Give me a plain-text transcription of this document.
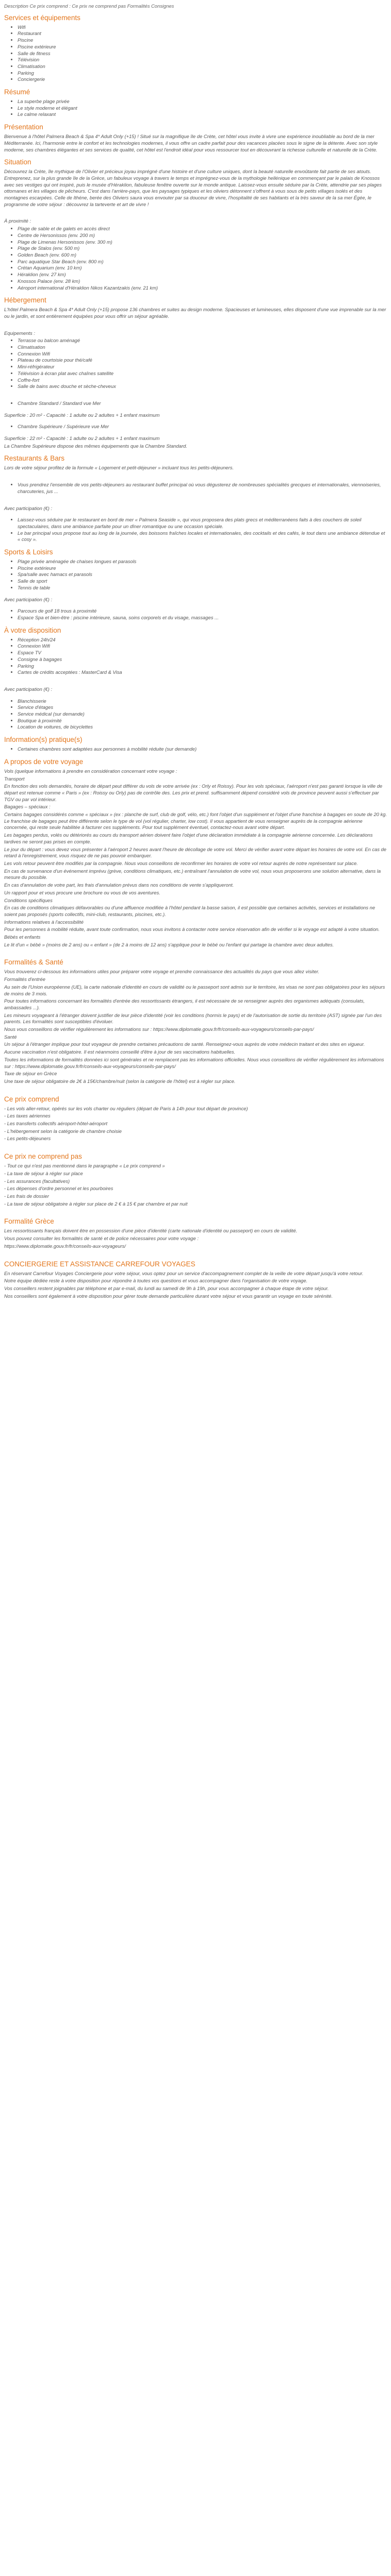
Description Ce prix comprend : Ce prix ne comprend pas Formalités Consignes

Services et équipements
• Wifi
• Restaurant
• Piscine
• Piscine extérieure
• Salle de fitness
• Télévision
• Climatisation
• Parking
• Conciergerie
Résumé
• La superbe plage privée
• Le style moderne et élégant
• Le calme relaxant
Présentation

Bienvenue à l'hôtel Palmera Beach & Spa 4* Adult Only (+15) ! Situé sur la magnifique île de Crète, cet hôtel vous invite à vivre une expérience inoubliable au bord de la mer Méditerranée. Ici, l'harmonie entre le confort et les technologies modernes, il vous offre un cadre parfait pour des vacances placées sous le signe de la détente. Avec son style moderne, ses chambres élégantes et ses services de qualité, cet hôtel est l'endroit idéal pour vous ressourcer tout en découvrant la richesse culturelle et naturelle de la Crète.

Situation

Découvrez la Crète, île mythique de l'Olivier et précieux joyau imprégné d'une histoire et d'une culture uniques, dont la beauté naturelle envoûtante fait partie de ses atouts. Entreprenez, sur la plus grande île de la Grèce, un fabuleux voyage à travers le temps et imprégnez-vous de la mythologie hellénique en commençant par le palais de Knossos avec ses vestiges qui ont inspiré, puis le musée d'Héraklion, fabuleuse fenêtre ouverte sur le monde antique. Laissez-vous ensuite séduire par la Crète, attendrie par ses plages ottomanes et les villages de pêcheurs. C'est dans l'arrière-pays, que les paysages typiques et les oliviers détonnent s'offrent à vous sous de petits villages isolés et des montagnes escarpées. Celle de Ithéne, berée des Oliviers saura vous envouter par sa douceur de vivre, l'hospitalité de ses habitants et la très saveur de la sa mer Égée, le programme de votre séjour : découvrez la tarteverte et art de vivre !

À proximité :

• Plage de sable et de galets en accès direct
• Centre de Hersonissos (env. 200 m)
• Plage de Limenas Hersonissos (env. 300 m)
• Plage de Stalos (env. 500 m)
• Golden Beach (env. 600 m)
• Parc aquatique Star Beach (env. 800 m)
• Crétan Aquarium (env. 10 km)
• Héraklion (env. 27 km)
• Knossos Palace (env. 28 km)
• Aéroport international d'Héraklion Nikos Kazantzakis (env. 21 km)
Hébergement

L'hôtel Palmera Beach & Spa 4* Adult Only (+15) propose 136 chambres et suites au design moderne. Spacieuses et lumineuses, elles disposent d'une vue imprenable sur la mer ou le jardin, et sont entièrement équipées pour vous offrir un séjour agréable.

Equipements :

• Terrasse ou balcon aménagé
• Climatisation
• Connexion Wifi
• Plateau de courtoisie pour thé/café
• Mini-réfrigérateur
• Télévision à écran plat avec chaînes satellite
• Coffre-fort
• Salle de bains avec douche et sèche-cheveux
• Chambre Standard / Standard vue Mer

Superficie : 20 m² - Capacité : 1 adulte ou 2 adultes + 1 enfant maximum

• Chambre Supérieure / Supérieure vue Mer

Superficie : 22 m² - Capacité : 1 adulte ou 2 adultes + 1 enfant maximum

La Chambre Supérieure dispose des mêmes équipements que la Chambre Standard.

Restaurants & Bars

Lors de votre séjour profitez de la formule « Logement et petit-déjeuner » incluant tous les petits-déjeuners.

• Vous prendrez l'ensemble de vos petits-déjeuners au restaurant buffet principal où vous dégusterez de nombreuses spécialités grecques et internationales, viennoiseries, charcuteries, jus ...

Avec participation (€) :

• Laissez-vous séduire par le restaurant en bord de mer « Palmera Seaside », qui vous proposera des plats grecs et méditerranéens faits à des couchers de soleil spectaculaires, dans une ambiance parfaite pour un dîner romantique ou une occasion spéciale.
• Le bar principal vous propose tout au long de la journée, des boissons fraîches locales et internationales, des cocktails et des cafés, le tout dans une ambiance détendue et « cosy ».
Sports & Loisirs
• Plage privée aménagée de chaises longues et parasols
• Piscine extérieure
• Spa/salle avec hamacs et parasols
• Salle de sport
• Tennis de table

Avec participation (€) :

• Parcours de golf 18 trous à proximité
• Espace Spa et bien-être : piscine intérieure, sauna, soins corporels et du visage, massages ...
À votre disposition
• Réception 24h/24
• Connexion Wifi
• Espace TV
• Consigne à bagages
• Parking
• Cartes de crédits acceptées : MasterCard & Visa

Avec participation (€) :

• Blanchisserie
• Service d'étages
• Service médical (sur demande)
• Boutique à proximité
• Location de voitures, de bicyclettes
Information(s) pratique(s)
• Certaines chambres sont adaptées aux personnes à mobilité réduite (sur demande)
A propos de votre voyage

Vols (quelque informations à prendre en considération concernant votre voyage :

Transport

En fonction des vols demandés, horaire de départ peut différer du vols de votre arrivée (ex : Orly et Roissy). Pour les vols spéciaux, l'aéroport n'est pas garanti lorsque la ville de départ est retenue comme « Paris » (ex : Roissy ou Orly) pas de contrôle des. Les prix et prend. suffisamment dépend considéré vols de province peuvent aussi s'effectuer par TGV ou par vol intérieur.

Bagages – spéciaux :

Certains bagages considérés comme « spéciaux » (ex : planche de surf, club de golf, vélo, etc.) font l'objet d'un supplément et l'objet d'une franchise à bagages en soute de 20 kg. Le franchise de bagages peut être différente selon le type de vol (vol régulier, charter, low cost). Il vous appartient de vous renseigner auprès de la compagnie aérienne concernée, qui reste seule habilitée à facturer ces suppléments. Pour tout supplément éventuel, contactez-nous avant votre départ.

Les bagages perdus, volés ou détériorés au cours du transport aérien doivent faire l'objet d'une déclaration immédiate à la compagnie aérienne concernée. Les déclarations tardives ne seront pas prises en compte.

Le jour du départ : vous devez vous présenter à l'aéroport 2 heures avant l'heure de décollage de votre vol. Merci de vérifier avant votre départ les horaires de votre vol. En cas de retard à l'enregistrement, vous risquez de ne pas pouvoir embarquer.

Les vols retour peuvent être modifiés par la compagnie. Nous vous conseillons de reconfirmer les horaires de votre vol retour auprès de notre représentant sur place.

En cas de survenance d'un événement imprévu (grève, conditions climatiques, etc.) entraînant l'annulation de votre vol, nous vous proposerons une solution alternative, dans la mesure du possible.

En cas d'annulation de votre part, les frais d'annulation prévus dans nos conditions de vente s'appliqueront.

Un rapport pour et vous procure une brochure ou vous de vos aventures.

Conditions spécifiques

En cas de conditions climatiques défavorables ou d'une affluence modifiée à l'hôtel pendant la basse saison, il est possible que certaines activités, services et installations ne soient pas proposés (sports collectifs, mini-club, restaurants, piscines, etc.).

Informations relatives à l'accessibilité

Pour les personnes à mobilité réduite, avant toute confirmation, nous vous invitons à contacter notre service réservation afin de vérifier si le voyage est adapté à votre situation.

Bébés et enfants

Le lit d'un « bébé » (moins de 2 ans) ou « enfant » (de 2 à moins de 12 ans) s'applique pour le bébé ou l'enfant qui partage la chambre avec deux adultes.

Formalités & Santé

Vous trouverez ci-dessous les informations utiles pour préparer votre voyage et prendre connaissance des actualités du pays que vous allez visiter.

Formalités d'entrée

Au sein de l'Union européenne (UE), la carte nationale d'identité en cours de validité ou le passeport sont admis sur le territoire, les visas ne sont pas obligatoires pour les séjours de moins de 3 mois.

Pour toutes informations concernant les formalités d'entrée des ressortissants étrangers, il est nécessaire de se renseigner auprès des organismes adéquats (consulats, ambassades ...).

Les mineurs voyageant à l'étranger doivent justifier de leur pièce d'identité (voir les conditions (hormis le pays) et de l'autorisation de sortie du territoire (AST) signée par l'un des parents. Les formalités sont susceptibles d'évoluer.

Nous vous conseillons de vérifier régulièrement les informations sur : https://www.diplomatie.gouv.fr/fr/conseils-aux-voyageurs/conseils-par-pays/

Santé

Un séjour à l'étranger implique pour tout voyageur de prendre certaines précautions de santé. Renseignez-vous auprès de votre médecin traitant et des sites en vigueur.

Aucune vaccination n'est obligatoire. Il est néanmoins conseillé d'être à jour de ses vaccinations habituelles.

Toutes les informations de formalités données ici sont générales et ne remplacent pas les informations officielles. Nous vous conseillons de vérifier régulièrement les informations sur : https://www.diplomatie.gouv.fr/fr/conseils-aux-voyageurs/conseils-par-pays/

Taxe de séjour en Grèce

Une taxe de séjour obligatoire de 2€ à 15€/chambre/nuit (selon la catégorie de l'hôtel) est à régler sur place.

Ce prix comprend

- Les vols aller-retour, opérés sur les vols charter ou réguliers (départ de Paris à 14h pour tout départ de province)

- Les taxes aériennes

- Les transferts collectifs aéroport-hôtel-aéroport

- L'hébergement selon la catégorie de chambre choisie

- Les petits-déjeuners

Ce prix ne comprend pas

- Tout ce qui n'est pas mentionné dans le paragraphe « Le prix comprend »

- La taxe de séjour à régler sur place

- Les assurances (facultatives)

- Les dépenses d'ordre personnel et les pourboires

- Les frais de dossier

- La taxe de séjour obligatoire à régler sur place de 2 € à 15 € par chambre et par nuit

Formalité Grèce

Les ressortissants français doivent être en possession d'une pièce d'identité (carte nationale d'identité ou passeport) en cours de validité.

Vous pouvez consulter les formalités de santé et de police nécessaires pour votre voyage :

https://www.diplomatie.gouv.fr/fr/conseils-aux-voyageurs/

CONCIERGERIE ET ASSISTANCE CARREFOUR VOYAGES

En réservant Carrefour Voyages Conciergerie pour votre séjour, vous optez pour un service d'accompagnement complet de la veille de votre départ jusqu'à votre retour.

Notre équipe dédiée reste à votre disposition pour répondre à toutes vos questions et vous accompagner dans l'organisation de votre voyage.

Vos conseillers restent joignables par téléphone et par e-mail, du lundi au samedi de 9h à 19h, pour vous accompagner à chaque étape de votre séjour.

Nos conseillers sont également à votre disposition pour gérer toute demande particulière durant votre séjour et vous garantir un voyage en toute sérénité.
